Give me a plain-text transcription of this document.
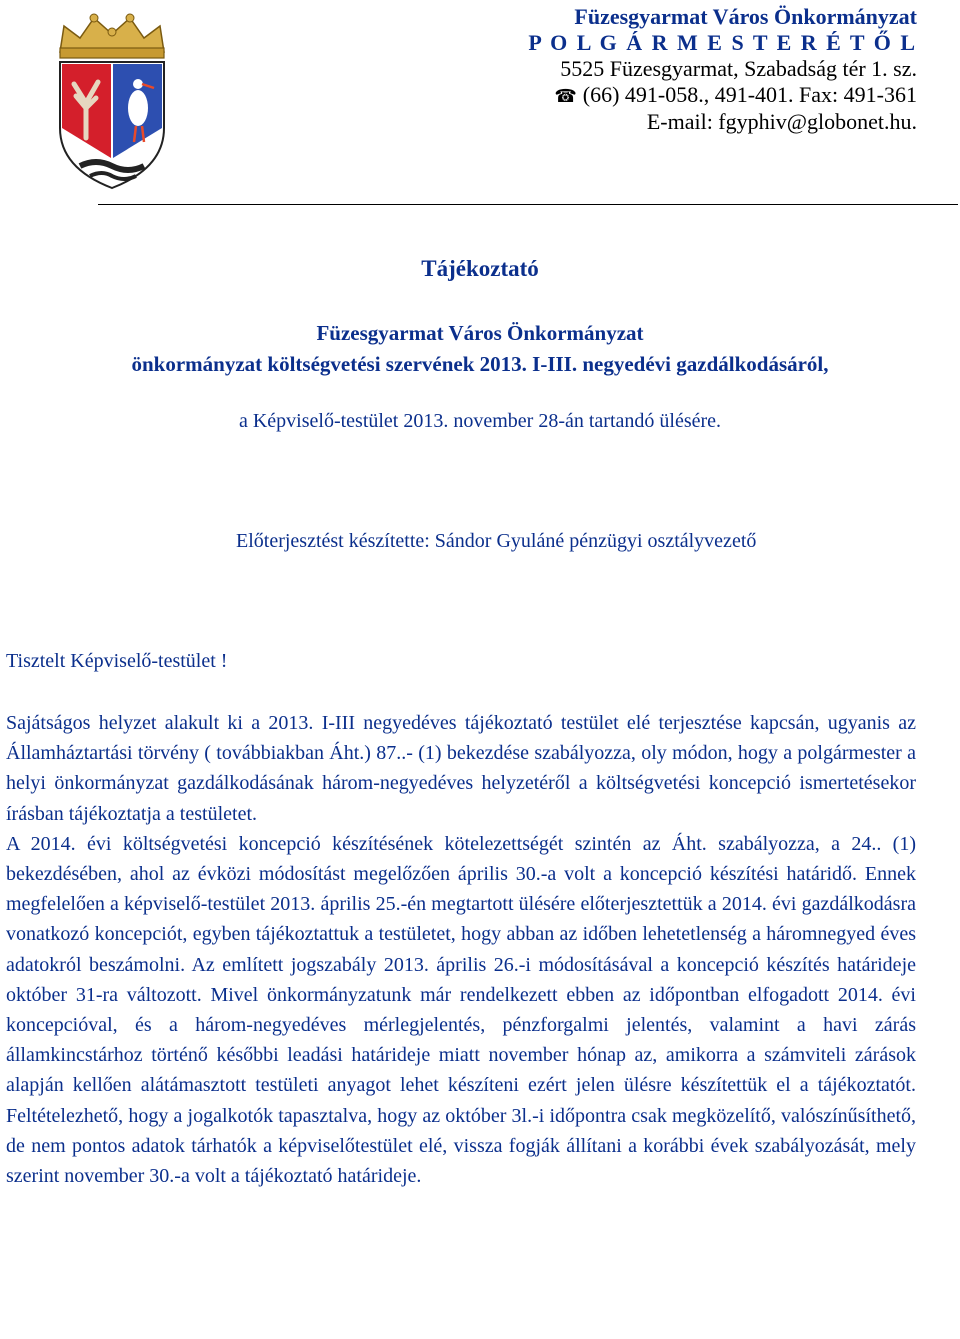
Füzesgyarmat Város Önkormányzat
P O L G Á R M E S T E R É T Ő L
5525 Füzesgyarmat, Szabadság tér 1. sz.
☎ (66) 491-058., 491-401. Fax: 491-361
E-mail: fgyphiv@globonet.hu.
Tájékoztató
Füzesgyarmat Város Önkormányzat
önkormányzat költségvetési szervének 2013. I-III. negyedévi gazdálkodásáról,
a Képviselő-testület 2013. november 28-án tartandó ülésére.
Előterjesztést készítette: Sándor Gyuláné pénzügyi osztályvezető
Tisztelt Képviselő-testület !

Sajátságos helyzet alakult ki a 2013. I-III negyedéves tájékoztató testület elé terjesztése kapcsán, ugyanis az Államháztartási törvény ( továbbiakban Áht.) 87..- (1) bekezdése szabályozza, oly módon, hogy a polgármester a helyi önkormányzat gazdálkodásának három-negyedéves helyzetéről a költségvetési koncepció ismertetésekor írásban tájékoztatja a testületet.

A 2014. évi költségvetési koncepció készítésének kötelezettségét szintén az Áht. szabályozza, a 24.. (1) bekezdésében, ahol az évközi módosítást megelőzően április 30.-a volt a koncepció készítési határidő. Ennek megfelelően a képviselő-testület 2013. április 25.-én megtartott ülésére előterjesztettük a 2014. évi gazdálkodásra vonatkozó koncepciót, egyben tájékoztattuk a testületet, hogy abban az időben lehetetlenség a háromnegyed éves adatokról beszámolni. Az említett jogszabály 2013. április 26.-i módosításával a koncepció készítés határideje október 31-ra változott. Mivel önkormányzatunk már rendelkezett ebben az időpontban elfogadott 2014. évi koncepcióval, és a három-negyedéves mérlegjelentés, pénzforgalmi jelentés, valamint a havi zárás államkincstárhoz történő későbbi leadási határideje miatt november hónap az, amikorra a számviteli zárások alapján kellően alátámasztott testületi anyagot lehet készíteni ezért jelen ülésre készítettük el a tájékoztatót. Feltételezhető, hogy a jogalkotók tapasztalva, hogy az október 3l.-i időpontra csak megközelítő, valószínűsíthető, de nem pontos adatok tárhatók a képviselőtestület elé, vissza fogják állítani a korábbi évek szabályozását, mely szerint november 30.-a volt a tájékoztató határideje.
